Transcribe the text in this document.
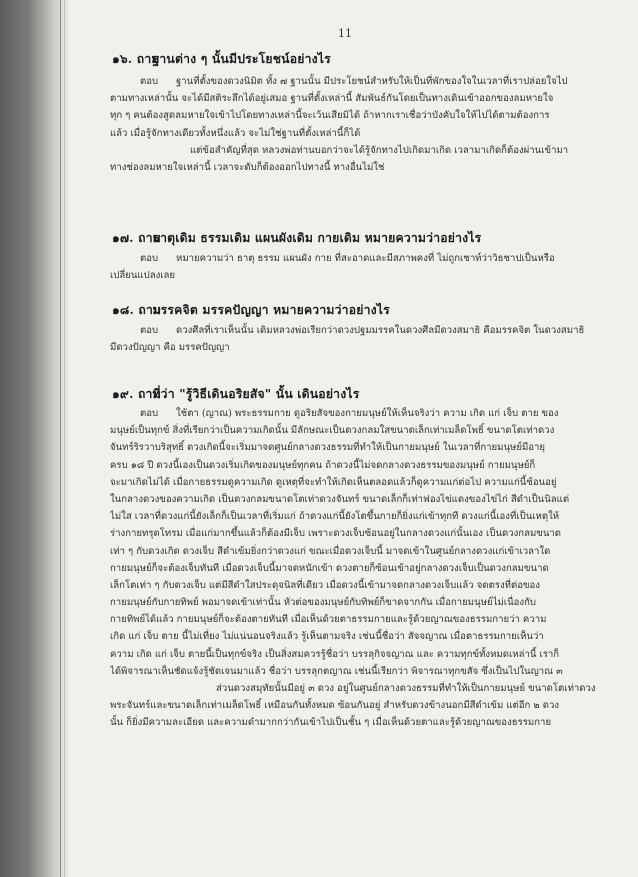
11
๑๖. ถาม ฐานต่าง ๆ นั้นมีประโยชน์อย่างไร
ตอบ ฐานที่ตั้งของดวงนิมิต ทั้ง ๗ ฐานนั้น มีประโยชน์สำหรับให้เป็นที่พักของใจในเวลาที่เราปล่อยใจไป
ตามทางเหล่านั้น จะได้มีสติระลึกได้อยู่เสมอ ฐานที่ตั้งเหล่านี้ สัมพันธ์กันโดยเป็นทางเดินเข้าออกของลมหายใจ
ทุก ๆ คนต้องสูดลมหายใจเข้าไปโดยทางเหล่านี้จะเว้นเสียมิได้ ถ้าหากเราเชื่อว่าบังคับใจให้ไปได้ตามต้องการ
แล้ว เมื่อรู้จักทางเดียวทั้งหนึ่งแล้ว จะไม่ใช่ฐานที่ตั้งเหล่านี้ก็ได้
แต่ข้อสำคัญที่สุด หลวงพ่อท่านบอกว่าจะได้รู้จักทางไปเกิดมาเกิด เวลามาเกิดก็ต้องผ่านเข้ามา
ทางช่องลมหายใจเหล่านี้ เวลาจะดับก็ต้องออกไปทางนี้ ทางอื่นไม่ใช่
๑๗. ถาม ธาตุเดิม ธรรมเดิม แผนผังเดิม กายเดิม หมายความว่าอย่างไร
ตอบ หมายความว่า ธาตุ ธรรม แผนผัง กาย ที่สะอาดและมีสภาพคงที่ ไม่ถูกเชาท์ว่าวิธชาปเป็นหรือ
เปลี่ยนแปลงเลย
๑๘. ถาม มรรคจิต มรรคปัญญา หมายความว่าอย่างไร
ตอบ ดวงศีลที่เราเห็นนั้น เดิมหลวงพ่อเรียกว่าดวงปฐมมรรคในดวงศีลมีดวงสมาธิ คือมรรคจิต ในดวงสมาธิ
มีดวงปัญญา คือ มรรคปัญญา
๑๙. ถาม ที่ว่า "รู้วิธีเดินอริยสัจ" นั้น เดินอย่างไร
ตอบ ใช้ตา (ญาณ) พระธรรมกาย ดูอริยสัจของกายมนุษย์ให้เห็นจริงว่า ความ เกิด แก่ เจ็บ ตาย ของ
มนุษย์เป็นทุกข์ สิ่งที่เรียกว่าเป็นความเกิดนั้น มีลักษณะเป็นดวงกลมใสขนาดเล็กเท่าเมล็ดโพธิ์ ขนาดโตเท่าดวง
จันทร์ริรวาบริสุทธิ์ ดวงเกิดนี้จะเริ่มมาจดศูนย์กลางดวงธรรมที่ทำให้เป็นกายมนุษย์ ในเวลาที่กายมนุษย์มีอายุ
ครบ ๑๘ ปี ดวงนี้เองเป็นดวงเริ่มเกิดของมนุษย์ทุกคน ถ้าดวงนี้ไม่จดกลางดวงธรรมของมนุษย์ กายมนุษย์ก็
จะมาเกิดไม่ได้ เมื่อกายธรรมดูความเกิด ดูเหตุที่จะทำให้เกิดเห็นตลอดแล้วก็ดูความแก่ต่อไป ความแก่นี้ซ้อนอยู่
ในกลางดวงของความเกิด เป็นดวงกลมขนาดโตเท่าดวงจันทร์ ขนาดเล็กก็เท่าฟองไข่แดงของไข่ไก่ สีดำเป็นนิลแต่
ไม่ใส เวลาที่ดวงแก่นี้ยังเล็กก็เป็นเวลาที่เริ่มแก่ ถ้าดวงแก่นี้ยังโตขึ้นกายก็ยิ่งแก่เข้าทุกที ดวงแก่นี้เองที่เป็นเหตุให้
ร่างกายทรุดโทรม เมื่อแก่มากขึ้นแล้วก็ต้องมีเจ็บ เพราะดวงเจ็บซ้อนอยู่ในกลางดวงแก่นั้นเอง เป็นดวงกลมขนาด
เท่า ๆ กับดวงเกิด ดวงเจ็บ สีดำเข้มยิ่งกว่าดวงแก่ ขณะเมื่อดวงเจ็บนี้ มาจดเข้าในศูนย์กลางดวงแก่เข้าเวลาใด
กายมนุษย์ก็จะต้องเจ็บทันที เมื่อดวงเจ็บนี้มาจดหนักเข้า ดวงตายก็ซ้อนเข้าอยู่กลางดวงเจ็บเป็นดวงกลมขนาด
เล็กโตเท่า ๆ กับดวงเจ็บ แต่มีสีดำใสประดุจนิลที่เดียว เมื่อดวงนี้เข้ามาจดกลางดวงเจ็บแล้ว จดตรงที่ต่อของ
กายมนุษย์กับกายทิพย์ พอมาจดเข้าเท่านั้น หัวต่อของมนุษย์กับทิพย์ก็ขาดจากกัน เมื่อกายมนุษย์ไม่เนื่องกับ
กายทิพย์ได้แล้ว กายมนุษย์ก็จะต้องตายทันที เมื่อเห็นด้วยตาธรรมกายและรู้ด้วยญาณของธรรมกายว่า ความ
เกิด แก่ เจ็บ ตาย นี้ไม่เที่ยง ไม่แน่นอนจริงแล้ว รู้เห็นตามจริง เช่นนี้ชื่อว่า สัจจญาณ เมื่อตาธรรมกายเห็นว่า
ความ เกิด แก่ เจ็บ ตายนี้เป็นทุกข์จริง เป็นสิ่งสมควรรู้ชื่อว่า บรรลุกิจจญาณ และ ความทุกข์ทั้งหมดเหล่านี้ เราก็
ได้พิจารณาเห็นชัดแจ้งรู้ชัดเจนมาแล้ว ชื่อว่า บรรลุกตญาณ เช่นนี้เรียกว่า พิจารณาทุกขสัจ ซึ่งเป็นไปในญาณ ๓
ส่วนดวงสมุทัยนั้นมีอยู่ ๓ ดวง อยู่ในศูนย์กลางดวงธรรมที่ทำให้เป็นกายมนุษย์ ขนาดโตเท่าดวง
พระจันทร์และขนาดเล็กเท่าเมล็ดโพธิ์ เหมือนกันทั้งหมด ซ้อนกันอยู่ สำหรับดวงข้างนอกมีสีดำเข้ม แต่อีก ๒ ดวง
นั้น ก็ยิ่งมีความละเอียด และความดำมากกว่ากันเข้าไปเป็นชั้น ๆ เมื่อเห็นด้วยตาและรู้ด้วยญาณของธรรมกาย
